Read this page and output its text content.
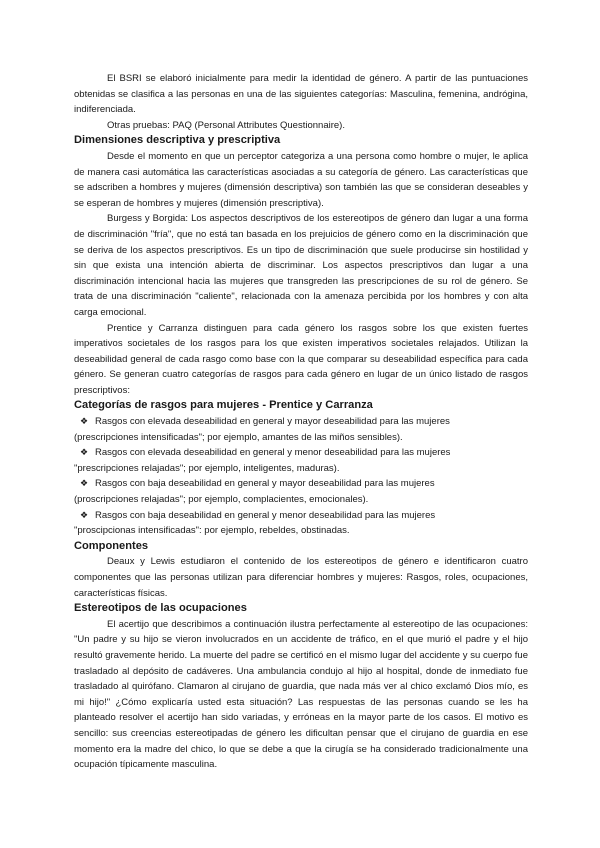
El BSRI se elaboró inicialmente para medir la identidad de género. A partir de las puntuaciones obtenidas se clasifica a las personas en una de las siguientes categorías: Masculina, femenina, andrógina, indiferenciada.

Otras pruebas: PAQ (Personal Attributes Questionnaire).

Dimensiones descriptiva y prescriptiva

Desde el momento en que un perceptor categoriza a una persona como hombre o mujer, le aplica de manera casi automática las características asociadas a su categoría de género. Las características que se adscriben a hombres y mujeres (dimensión descriptiva) son también las que se consideran deseables y se esperan de hombres y mujeres (dimensión prescriptiva).

Burgess y Borgida: Los aspectos descriptivos de los estereotipos de género dan lugar a una forma de discriminación "fría", que no está tan basada en los prejuicios de género como en la discriminación que se deriva de los aspectos prescriptivos. Es un tipo de discriminación que suele producirse sin hostilidad y sin que exista una intención abierta de discriminar. Los aspectos prescriptivos dan lugar a una discriminación intencional hacia las mujeres que transgreden las prescripciones de su rol de género. Se trata de una discriminación "caliente", relacionada con la amenaza percibida por los hombres y con alta carga emocional.

Prentice y Carranza distinguen para cada género los rasgos sobre los que existen fuertes imperativos societales de los rasgos para los que existen imperativos societales relajados. Utilizan la deseabilidad general de cada rasgo como base con la que comparar su deseabilidad específica para cada género. Se generan cuatro categorías de rasgos para cada género en lugar de un único listado de rasgos prescriptivos:

Categorías de rasgos para mujeres - Prentice y Carranza
❖ Rasgos con elevada deseabilidad en general y mayor deseabilidad para las mujeres
(prescripciones intensificadas"; por ejemplo, amantes de las miños sensibles).
❖ Rasgos con elevada deseabilidad en general y menor deseabilidad para las mujeres
"prescripciones relajadas"; por ejemplo, inteligentes, maduras).
❖ Rasgos con baja deseabilidad en general y mayor deseabilidad para las mujeres
(proscripciones relajadas"; por ejemplo, complacientes, emocionales).
❖ Rasgos con baja deseabilidad en general y menor deseabilidad para las mujeres
"proscipcionas intensificadas": por ejemplo, rebeldes, obstinadas.
Componentes

Deaux y Lewis estudiaron el contenido de los estereotipos de género e identificaron cuatro componentes que las personas utilizan para diferenciar hombres y mujeres: Rasgos, roles, ocupaciones, características físicas.

Estereotipos de las ocupaciones

El acertijo que describimos a continuación ilustra perfectamente al estereotipo de las ocupaciones: "Un padre y su hijo se vieron involucrados en un accidente de tráfico, en el que murió el padre y el hijo resultó gravemente herido. La muerte del padre se certificó en el mismo lugar del accidente y su cuerpo fue trasladado al depósito de cadáveres. Una ambulancia condujo al hijo al hospital, donde de inmediato fue trasladado al quirófano. Clamaron al cirujano de guardia, que nada más ver al chico exclamó Dios mío, es mi hijo!" ¿Cómo explicaría usted esta situación? Las respuestas de las personas cuando se les ha planteado resolver el acertijo han sido variadas, y erróneas en la mayor parte de los casos. El motivo es sencillo: sus creencias estereotipadas de género les dificultan pensar que el cirujano de guardia en ese momento era la madre del chico, lo que se debe a que la cirugía se ha considerado tradicionalmente una ocupación típicamente masculina.
